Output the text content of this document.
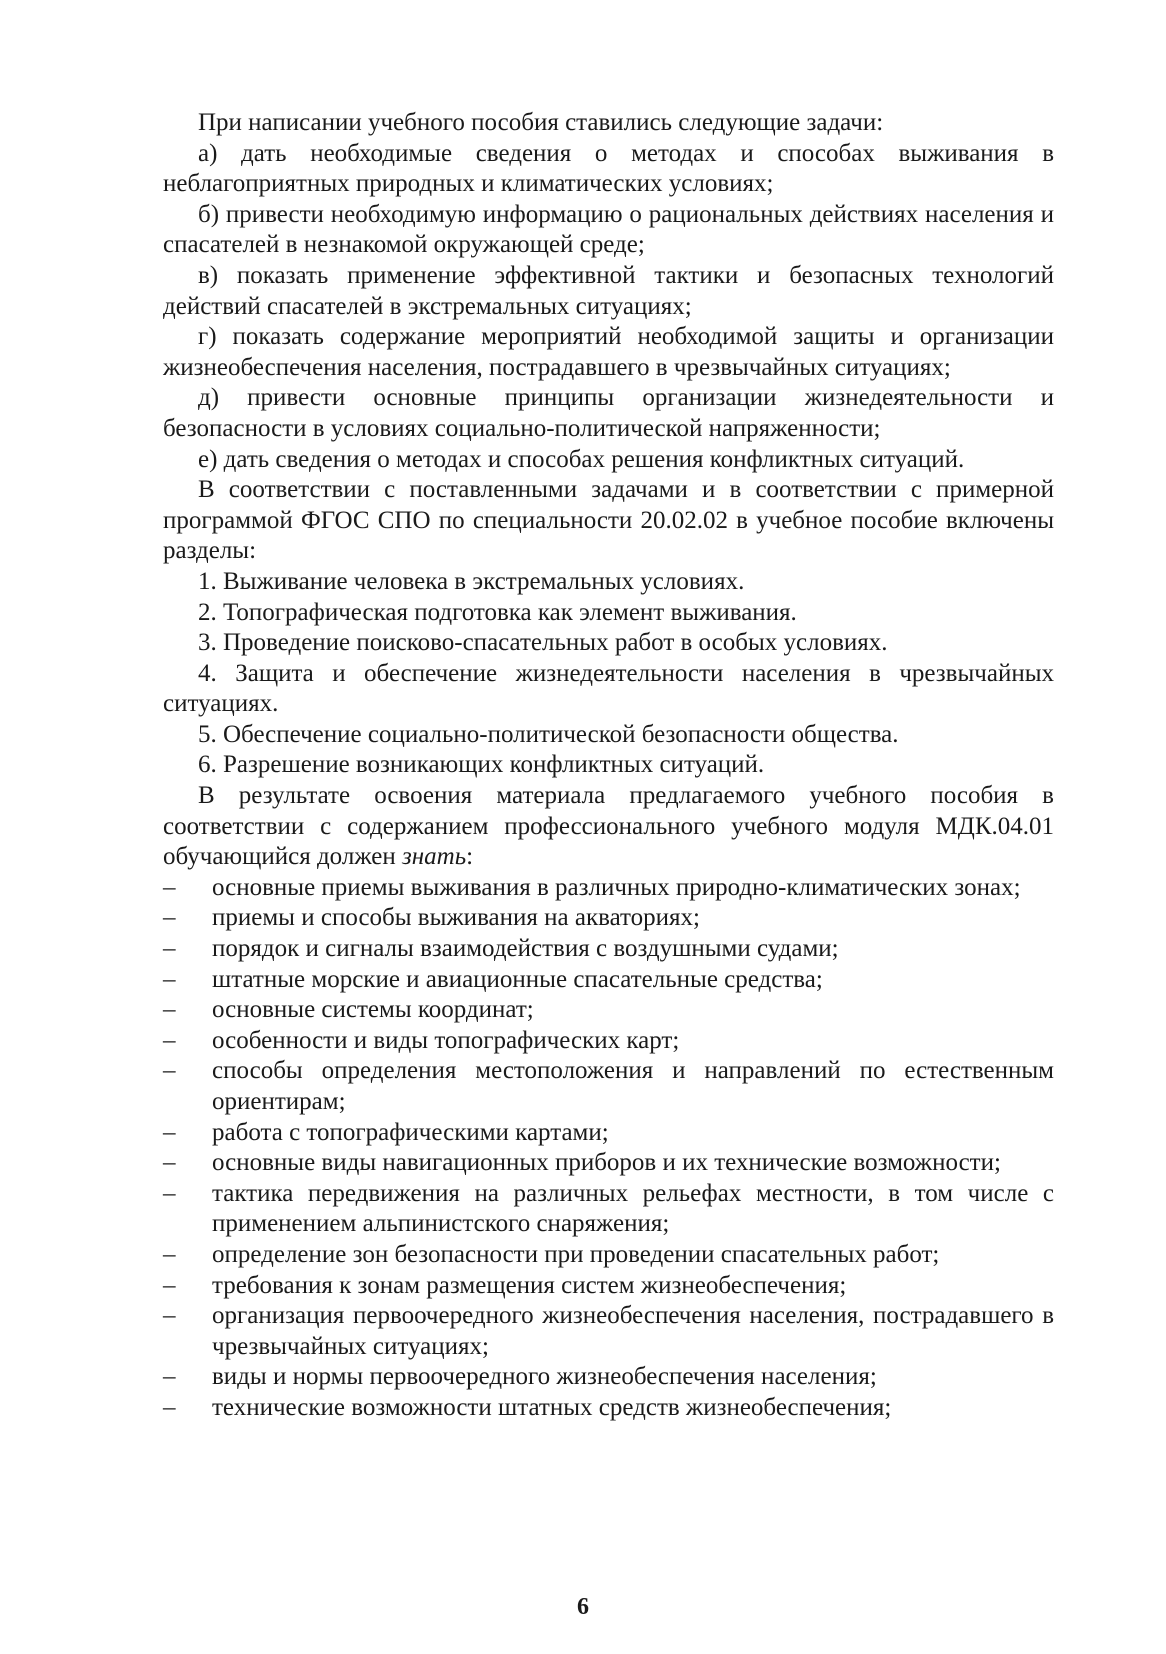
При написании учебного пособия ставились следующие задачи:

а) дать необходимые сведения о методах и способах выживания в неблагоприятных природных и климатических условиях;

б) привести необходимую информацию о рациональных действиях населения и спасателей в незнакомой окружающей среде;

в) показать применение эффективной тактики и безопасных технологий действий спасателей в экстремальных ситуациях;

г) показать содержание мероприятий необходимой защиты и организации жизнеобеспечения населения, пострадавшего в чрезвычайных ситуациях;

д) привести основные принципы организации жизнедеятельности и безопасности в условиях социально-политической напряженности;

е) дать сведения о методах и способах решения конфликтных ситуаций.

В соответствии с поставленными задачами и в соответствии с примерной программой ФГОС СПО по специальности 20.02.02 в учебное пособие включены разделы:

1. Выживание человека в экстремальных условиях.

2. Топографическая подготовка как элемент выживания.

3. Проведение поисково-спасательных работ в особых условиях.

4. Защита и обеспечение жизнедеятельности населения в чрезвычайных ситуациях.

5. Обеспечение социально-политической безопасности общества.

6. Разрешение возникающих конфликтных ситуаций.

В результате освоения материала предлагаемого учебного пособия в соответствии с содержанием профессионального учебного модуля МДК.04.01 обучающийся должен знать:

– основные приемы выживания в различных природно-климатических зонах;
– приемы и способы выживания на акваториях;
– порядок и сигналы взаимодействия с воздушными судами;
– штатные морские и авиационные спасательные средства;
– основные системы координат;
– особенности и виды топографических карт;
– способы определения местоположения и направлений по естественным ориентирам;
– работа с топографическими картами;
– основные виды навигационных приборов и их технические возможности;
– тактика передвижения на различных рельефах местности, в том числе с применением альпинистского снаряжения;
– определение зон безопасности при проведении спасательных работ;
– требования к зонам размещения систем жизнеобеспечения;
– организация первоочередного жизнеобеспечения населения, пострадавшего в чрезвычайных ситуациях;
– виды и нормы первоочередного жизнеобеспечения населения;
– технические возможности штатных средств жизнеобеспечения;
6
